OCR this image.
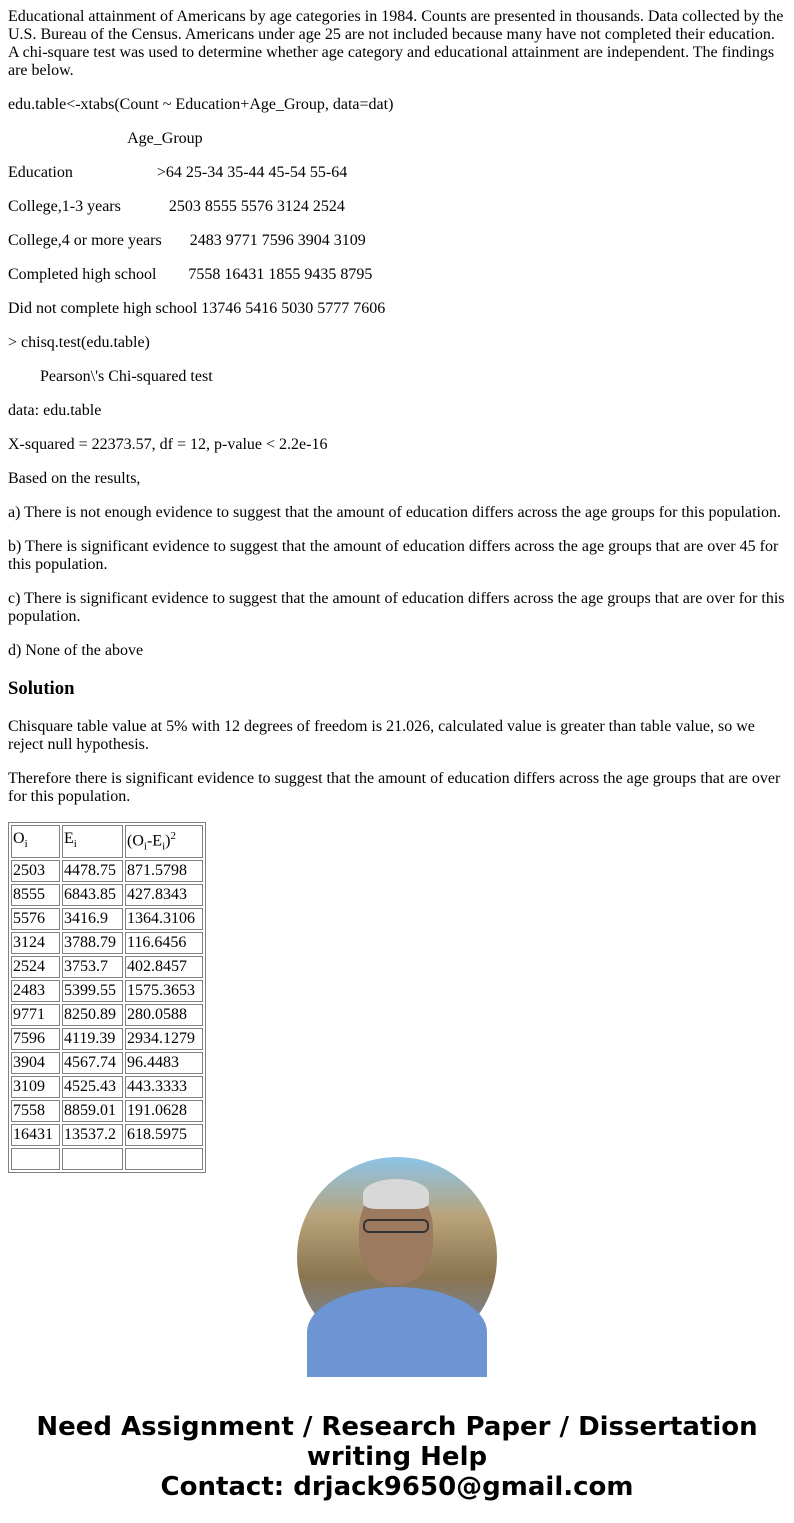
Educational attainment of Americans by age categories in 1984. Counts are presented in thousands. Data collected by the U.S. Bureau of the Census. Americans under age 25 are not included because many have not completed their education. A chi-square test was used to determine whether age category and educational attainment are independent. The findings are below.

edu.table<-xtabs(Count ~ Education+Age_Group, data=dat)

Age_Group

Education                     >64 25-34 35-44 45-54 55-64

College,1-3 years            2503 8555 5576 3124 2524

College,4 or more years       2483 9771 7596 3904 3109

Completed high school        7558 16431 1855 9435 8795

Did not complete high school 13746 5416 5030 5777 7606

> chisq.test(edu.table)

Pearson\'s Chi-squared test

data: edu.table

X-squared = 22373.57, df = 12, p-value < 2.2e-16

Based on the results,

a) There is not enough evidence to suggest that the amount of education differs across the age groups for this population.

b) There is significant evidence to suggest that the amount of education differs across the age groups that are over 45 for this population.

c) There is significant evidence to suggest that the amount of education differs across the age groups that are over for this population.

d) None of the above

Solution

Chisquare table value at 5% with 12 degrees of freedom is 21.026, calculated value is greater than table value, so we reject null hypothesis.

Therefore there is significant evidence to suggest that the amount of education differs across the age groups that are over for this population.

$O_i$	$E_i$	$(O_i-E_i)^2$
2503	4478.75	871.5798
8555	6843.85	427.8343
5576	3416.9	1364.3106
3124	3788.79	116.6456
2524	3753.7	402.8457
2483	5399.55	1575.3653
9771	8250.89	280.0588
7596	4119.39	2934.1279
3904	4567.74	96.4483
3109	4525.43	443.3333
7558	8859.01	191.0628
16431	13537.2	618.5975

Need Assignment / Research Paper / Dissertation writing Help
Contact: drjack9650@gmail.com
